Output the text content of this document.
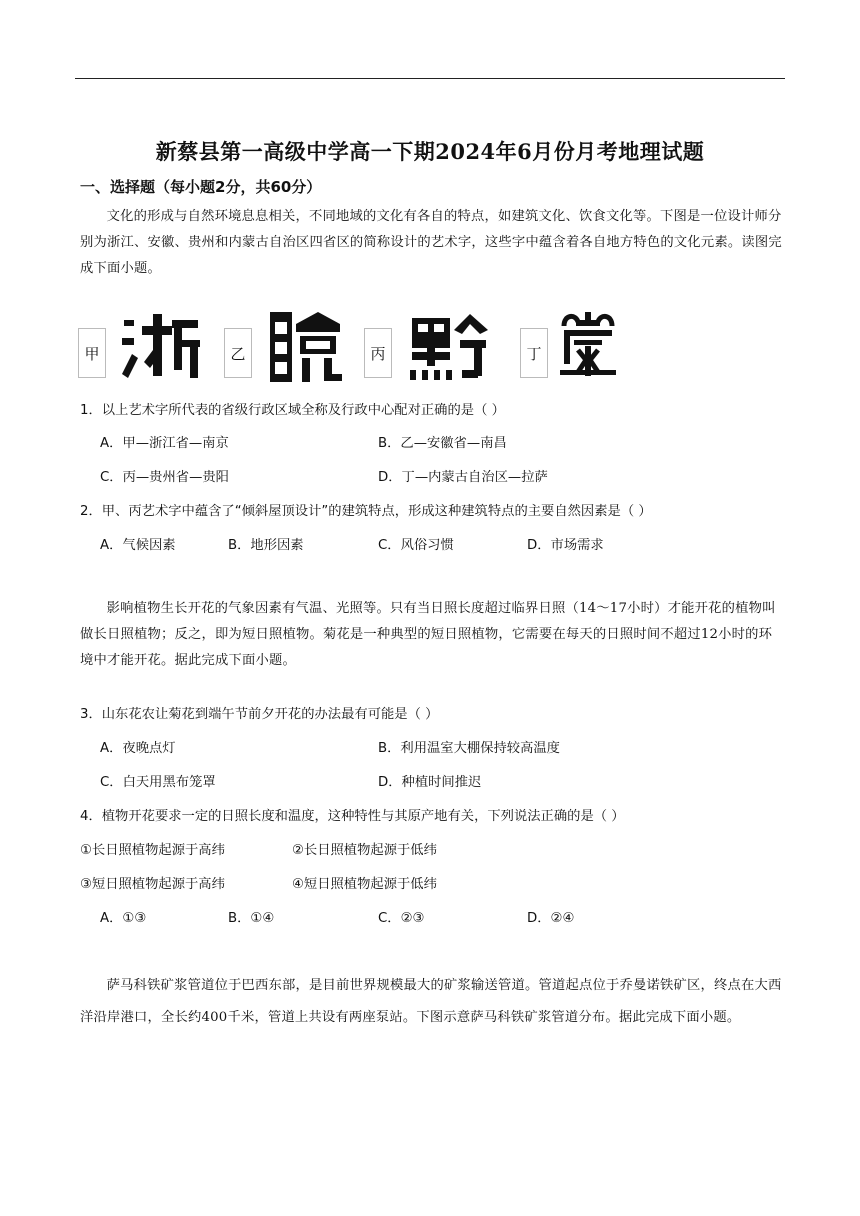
新蔡县第一高级中学高一下期2024年6月份月考地理试题
一、选择题（每小题2分，共60分）
文化的形成与自然环境息息相关，不同地域的文化有各自的特点，如建筑文化、饮食文化等。下图是一位设计师分别为浙江、安徽、贵州和内蒙古自治区四省区的简称设计的艺术字，这些字中蕴含着各自地方特色的文化元素。读图完成下面小题。
甲	乙	丙	丁
1．以上艺术字所代表的省级行政区域全称及行政中心配对正确的是（ ）
A．甲—浙江省—南京	B．乙—安徽省—南昌
C．丙—贵州省—贵阳	D．丁—内蒙古自治区—拉萨
2．甲、丙艺术字中蕴含了“倾斜屋顶设计”的建筑特点，形成这种建筑特点的主要自然因素是（ ）
A．气候因素	B．地形因素	C．风俗习惯	D．市场需求
影响植物生长开花的气象因素有气温、光照等。只有当日照长度超过临界日照（14～17小时）才能开花的植物叫做长日照植物；反之，即为短日照植物。菊花是一种典型的短日照植物，它需要在每天的日照时间不超过12小时的环境中才能开花。据此完成下面小题。
3．山东花农让菊花到端午节前夕开花的办法最有可能是（ ）
A．夜晚点灯	B．利用温室大棚保持较高温度
C．白天用黑布笼罩	D．种植时间推迟
4．植物开花要求一定的日照长度和温度，这种特性与其原产地有关，下列说法正确的是（ ）
①长日照植物起源于高纬	②长日照植物起源于低纬
③短日照植物起源于高纬	④短日照植物起源于低纬
A．①③	B．①④	C．②③	D．②④
萨马科铁矿浆管道位于巴西东部，是目前世界规模最大的矿浆输送管道。管道起点位于乔曼诺铁矿区，终点在大西洋沿岸港口，全长约400千米，管道上共设有两座泵站。下图示意萨马科铁矿浆管道分布。据此完成下面小题。
